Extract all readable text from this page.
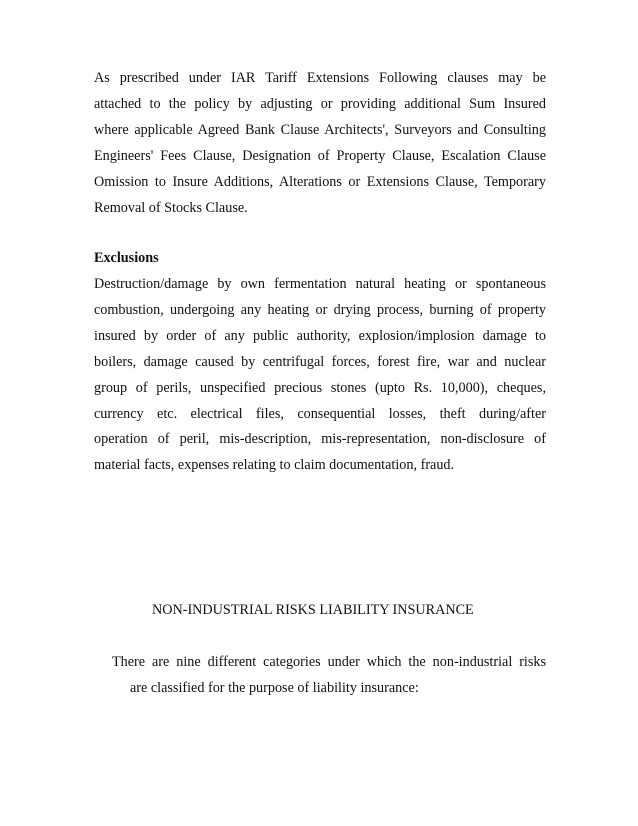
As prescribed under IAR Tariff Extensions Following clauses may be
attached to the policy by adjusting or providing additional Sum Insured
where applicable Agreed Bank Clause Architects', Surveyors and Consulting
Engineers' Fees Clause, Designation of Property Clause, Escalation Clause
Omission to Insure Additions, Alterations or Extensions Clause, Temporary
Removal of Stocks Clause.
Exclusions
Destruction/damage by own fermentation natural heating or spontaneous
combustion, undergoing any heating or drying process, burning of property
insured by order of any public authority, explosion/implosion damage to
boilers, damage caused by centrifugal forces, forest fire, war and nuclear
group of perils, unspecified precious stones (upto Rs. 10,000), cheques,
currency etc. electrical files, consequential losses, theft during/after
operation of peril, mis-description, mis-representation, non-disclosure of
material facts, expenses relating to claim documentation, fraud.
NON-INDUSTRIAL RISKS LIABILITY INSURANCE
There are nine different categories under which the non-industrial risks
are classified for the purpose of liability insurance:
